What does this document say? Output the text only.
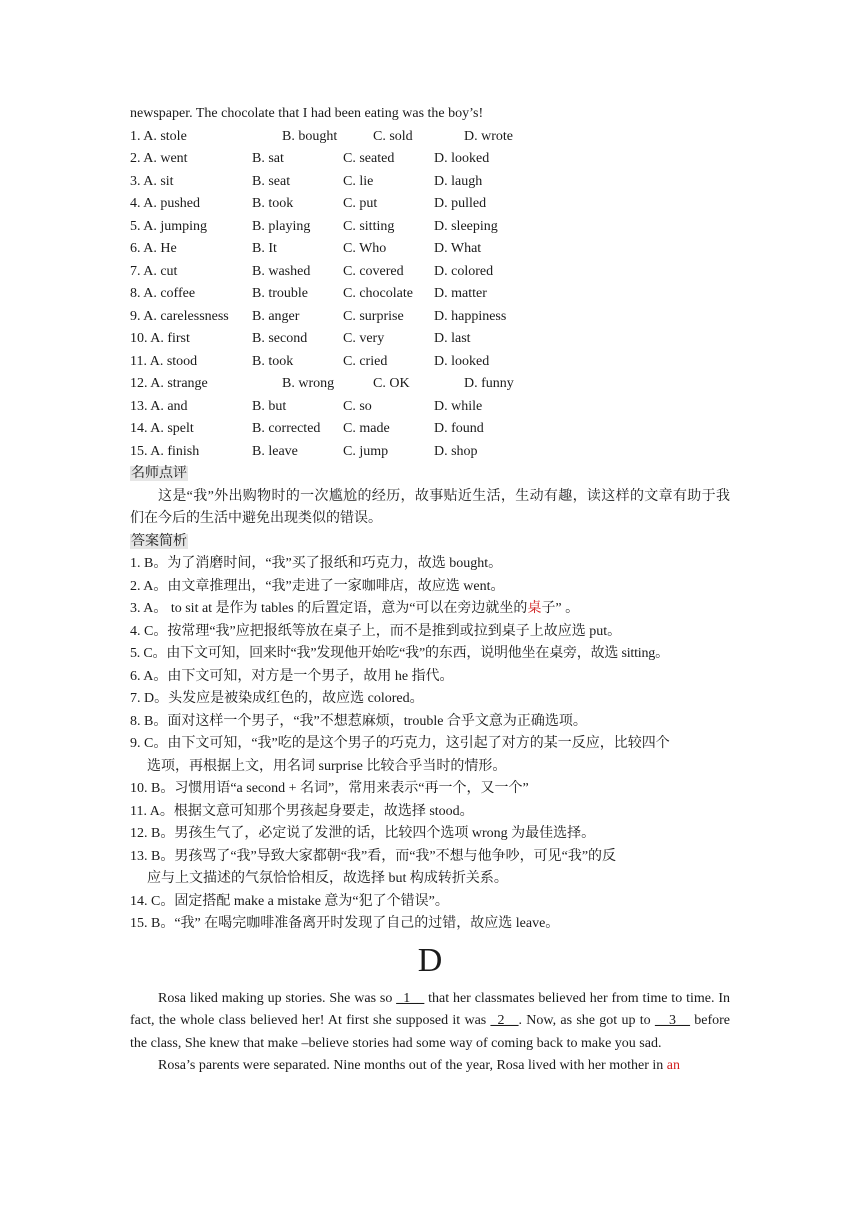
newspaper. The chocolate that I had been eating was the boy’s!
1. A. stole	B. bought	C. sold	D. wrote
2. A. went	B. sat	C. seated	D. looked
3. A. sit	B. seat	C. lie	D. laugh
4. A. pushed	B. took	C. put	D. pulled
5. A. jumping	B. playing C. sitting	D. sleeping
6. A. He	B. It	C. Who	D. What
7. A. cut	B. washed C. covered D. colored
8. A. coffee	B. trouble	C. chocolate D. matter
9. A. carelessness B. anger	C. surprise D. happiness
10. A. first	B. second	C. very	D. last
11. A. stood	B. took	C. cried	D. looked
12. A. strange	B. wrong	C. OK	D. funny
13. A. and	B. but	C. so	D. while
14. A. spelt	B. corrected C. made	D. found
15. A. finish	B. leave	C. jump	D. shop
名师点评
这是“我”外出购物时的一次尴尬的经历，故事贴近生活，生动有趣，读这样的文章有助于我们在今后的生活中避免出现类似的错误。
答案简析
1. B。为了消磨时间，“我”买了报纸和巧克力，故选 bought。
2. A。由文章推理出，“我”走进了一家咖啡店，故应选 went。
3. A。 to sit at 是作为 tables 的后置定语，意为“可以在旁边就坐的桌子” 。
4. C。按常理“我”应把报纸等放在桌子上，而不是推到或拉到桌子上故应选 put。
5. C。由下文可知，回来时“我”发现他开始吃“我”的东西，说明他坐在桌旁，故选 sitting。
6. A。由下文可知，对方是一个男子，故用 he 指代。
7. D。头发应是被染成红色的，故应选 colored。
8. B。面对这样一个男子，“我”不想惹麻烦，trouble 合乎文意为正确选项。
9. C。由下文可知，“我”吃的是这个男子的巧克力，这引起了对方的某一反应，比较四个
选项，再根据上文，用名词 surprise 比较合乎当时的情形。
10. B。习惯用语“a second + 名词”，常用来表示“再一个，又一个”
11. A。根据文意可知那个男孩起身要走，故选择 stood。
12. B。男孩生气了，必定说了发泄的话，比较四个选项 wrong 为最佳选择。
13. B。男孩骂了“我”导致大家都朝“我”看，而“我”不想与他争吵，可见“我”的反
应与上文描述的气氛恰恰相反，故选择 but 构成转折关系。
14. C。固定搭配 make a mistake 意为“犯了个错误”。
15. B。“我” 在喝完咖啡准备离开时发现了自己的过错，故应选 leave。
D
Rosa liked making up stories. She was so _1__ that her classmates believed her from time to time. In fact, the whole class believed her! At first she supposed it was _2__. Now, as she got up to __3__ before the class, She knew that make –believe stories had some way of coming back to make you sad.
Rosa’s parents were separated. Nine months out of the year, Rosa lived with her mother in an
